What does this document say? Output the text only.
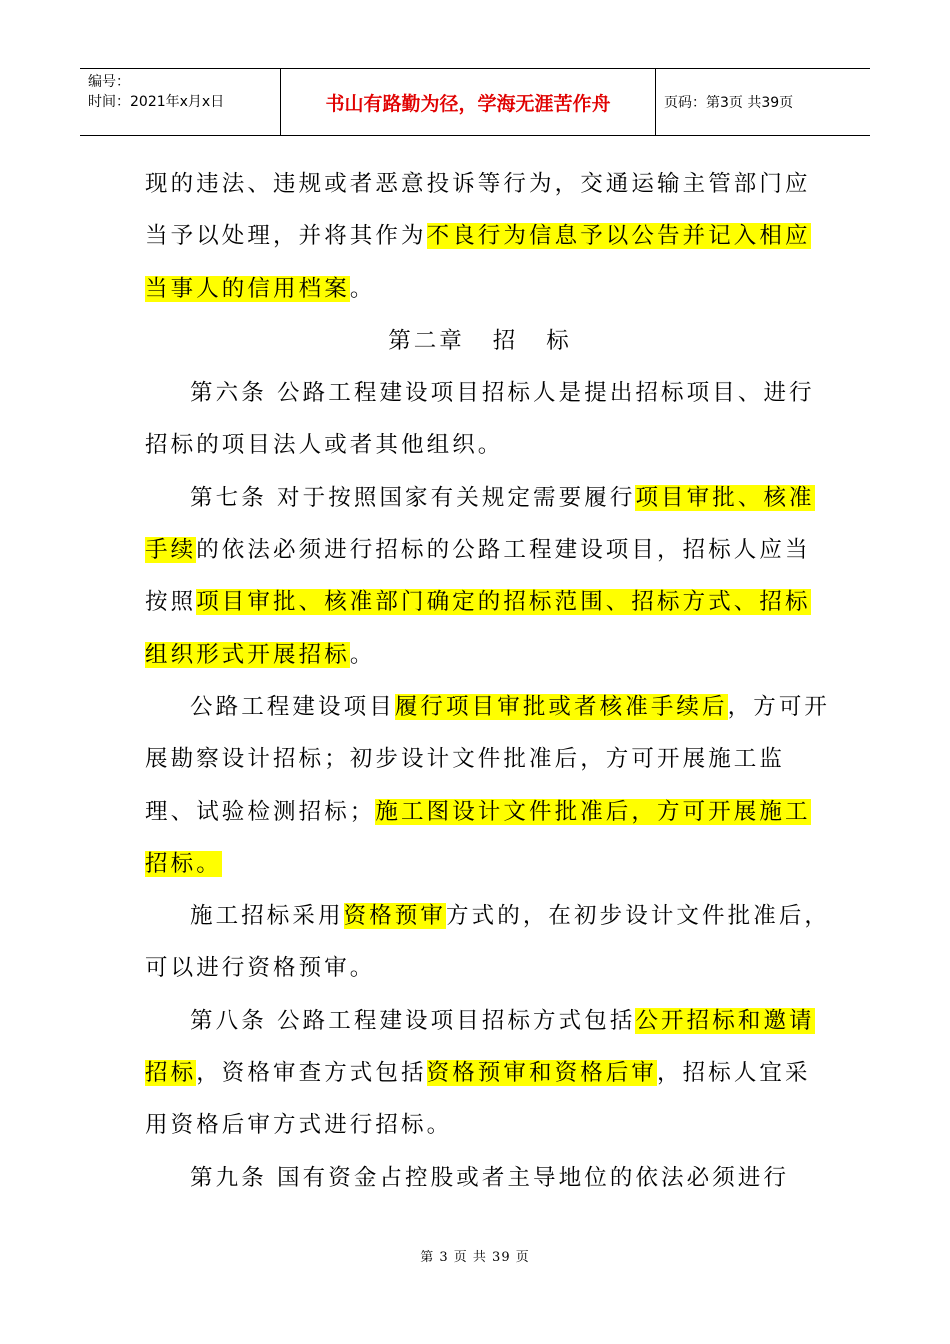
编号：
时间：2021年x月x日	书山有路勤为径，学海无涯苦作舟	页码：第3页 共39页

现的违法、违规或者恶意投诉等行为，交通运输主管部门应当予以处理，并将其作为不良行为信息予以公告并记入相应当事人的信用档案。

第二章 招 标

第六条 公路工程建设项目招标人是提出招标项目、进行招标的项目法人或者其他组织。

第七条 对于按照国家有关规定需要履行项目审批、核准手续的依法必须进行招标的公路工程建设项目，招标人应当按照项目审批、核准部门确定的招标范围、招标方式、招标组织形式开展招标。

公路工程建设项目履行项目审批或者核准手续后，方可开展勘察设计招标；初步设计文件批准后，方可开展施工监理、试验检测招标；施工图设计文件批准后，方可开展施工招标。

施工招标采用资格预审方式的，在初步设计文件批准后，可以进行资格预审。

第八条 公路工程建设项目招标方式包括公开招标和邀请招标，资格审查方式包括资格预审和资格后审，招标人宜采用资格后审方式进行招标。

第九条 国有资金占控股或者主导地位的依法必须进行

第 3 页 共 39 页
